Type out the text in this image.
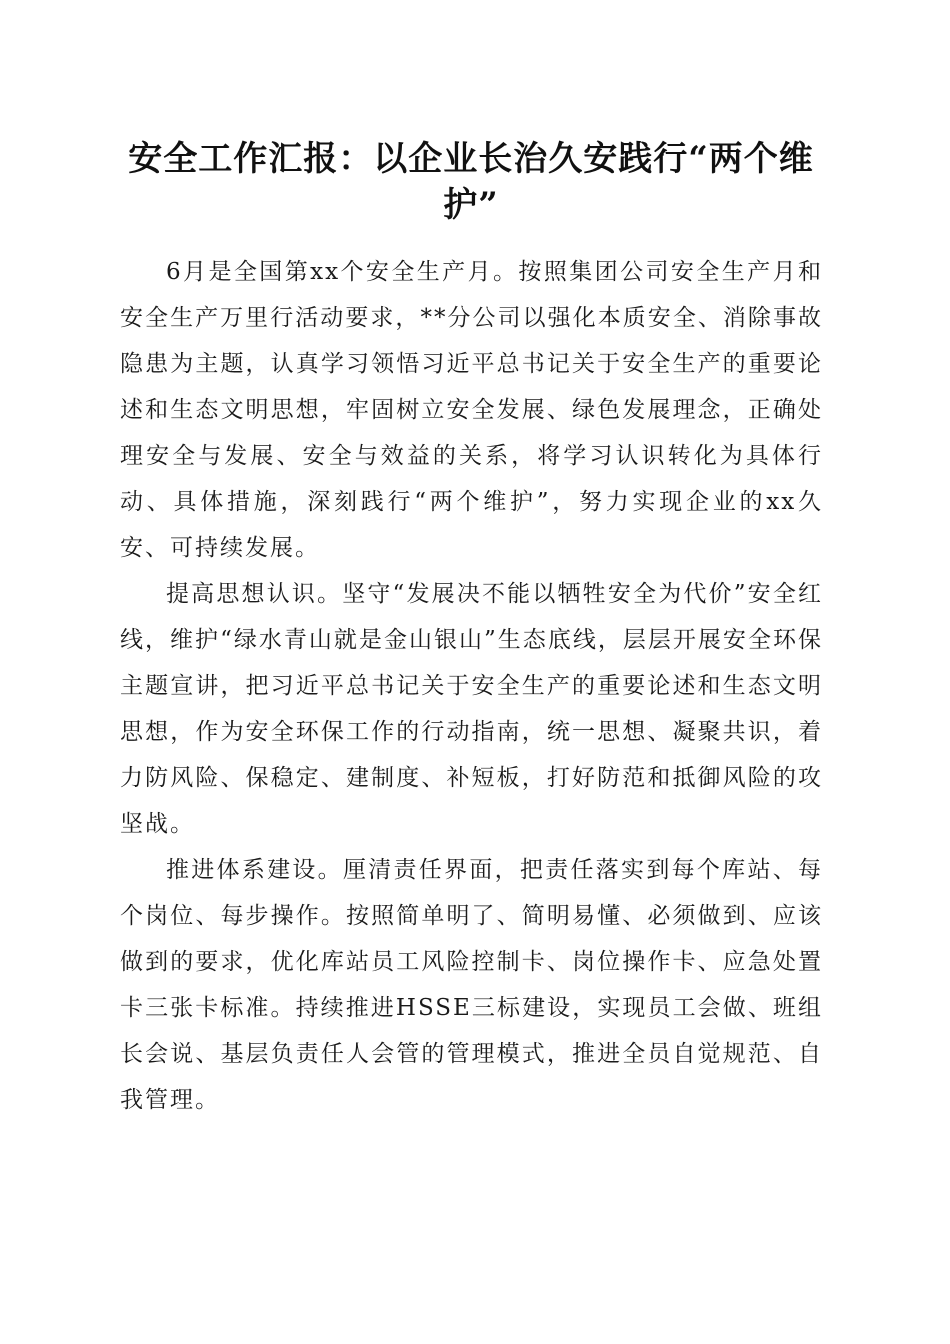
安全工作汇报：以企业长治久安践行“两个维护”

6月是全国第xx个安全生产月。按照集团公司安全生产月和安全生产万里行活动要求，**分公司以强化本质安全、消除事故隐患为主题，认真学习领悟习近平总书记关于安全生产的重要论述和生态文明思想，牢固树立安全发展、绿色发展理念，正确处理安全与发展、安全与效益的关系，将学习认识转化为具体行动、具体措施，深刻践行“两个维护”，努力实现企业的xx久安、可持续发展。

提高思想认识。坚守“发展决不能以牺牲安全为代价”安全红线，维护“绿水青山就是金山银山”生态底线，层层开展安全环保主题宣讲，把习近平总书记关于安全生产的重要论述和生态文明思想，作为安全环保工作的行动指南，统一思想、凝聚共识，着力防风险、保稳定、建制度、补短板，打好防范和抵御风险的攻坚战。

推进体系建设。厘清责任界面，把责任落实到每个库站、每个岗位、每步操作。按照简单明了、简明易懂、必须做到、应该做到的要求，优化库站员工风险控制卡、岗位操作卡、应急处置卡三张卡标准。持续推进HSSE三标建设，实现员工会做、班组长会说、基层负责任人会管的管理模式，推进全员自觉规范、自我管理。
